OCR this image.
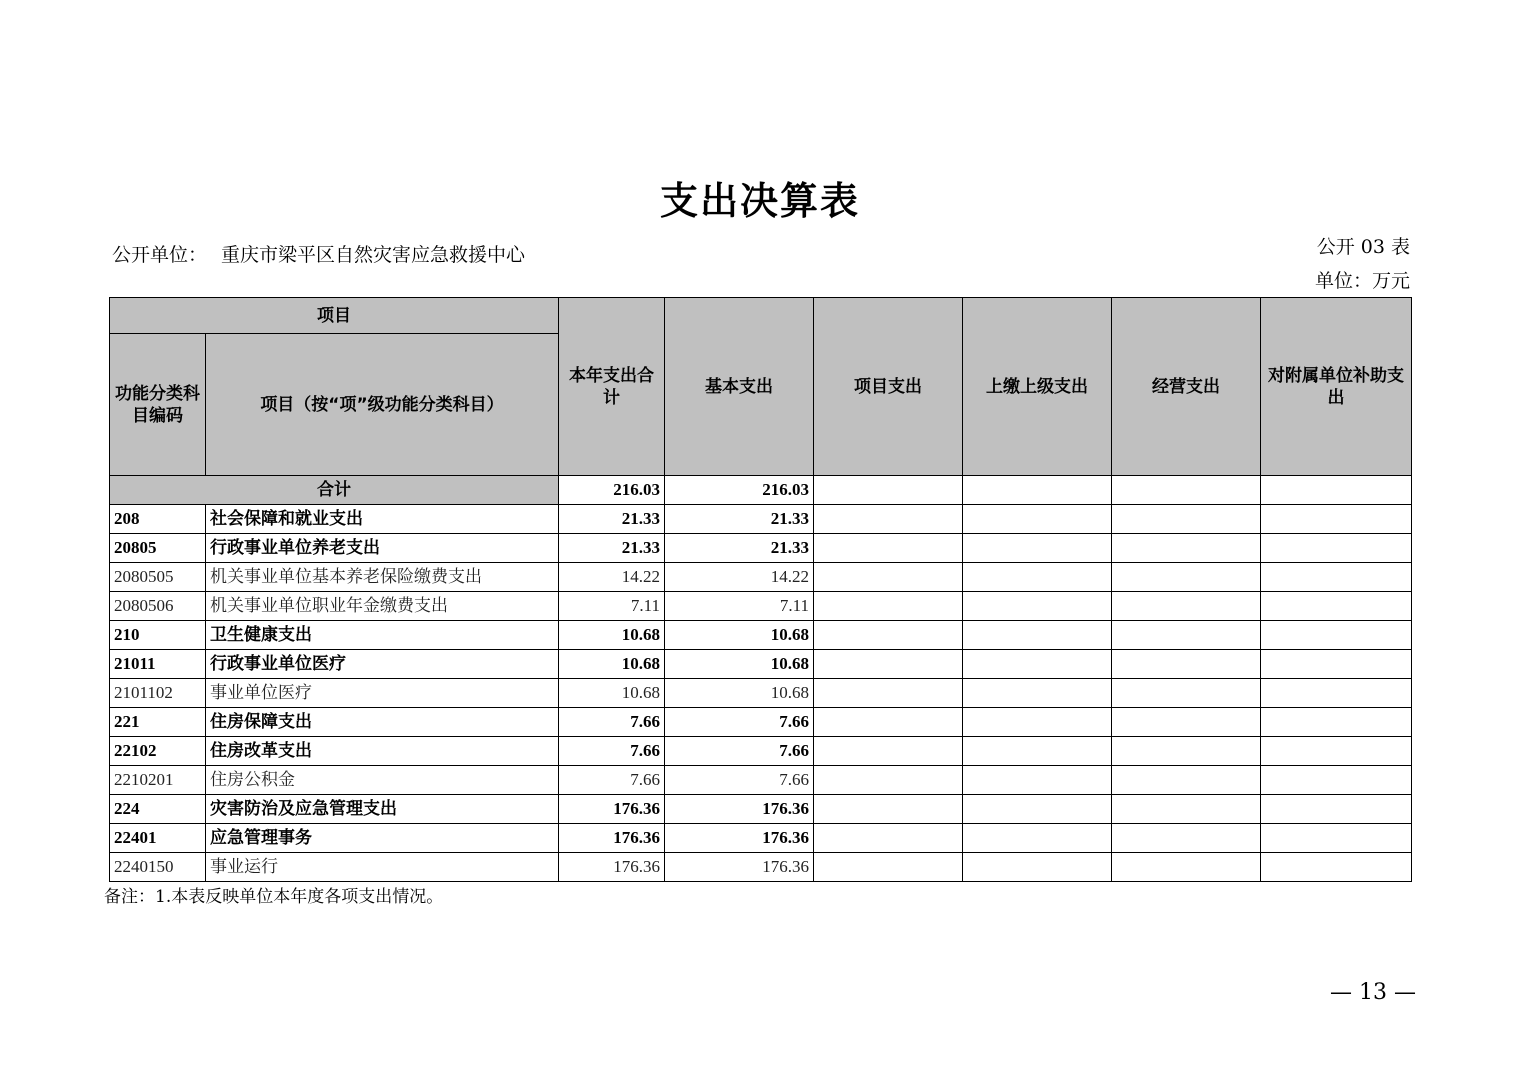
支出决算表
公开单位： 重庆市梁平区自然灾害应急救援中心	公开 03 表
单位：万元
项目		本年支出合计	基本支出	项目支出	上缴上级支出	经营支出	对附属单位补助支出
功能分类科目编码	项目（按“项”级功能分类科目）						
合计		216.03	216.03				
208	社会保障和就业支出	21.33	21.33				
20805	行政事业单位养老支出	21.33	21.33				
2080505	机关事业单位基本养老保险缴费支出	14.22	14.22				
2080506	机关事业单位职业年金缴费支出	7.11	7.11				
210	卫生健康支出	10.68	10.68				
21011	行政事业单位医疗	10.68	10.68				
2101102	事业单位医疗	10.68	10.68				
221	住房保障支出	7.66	7.66				
22102	住房改革支出	7.66	7.66				
2210201	住房公积金	7.66	7.66				
224	灾害防治及应急管理支出	176.36	176.36				
22401	应急管理事务	176.36	176.36				
2240150	事业运行	176.36	176.36				
备注：1.本表反映单位本年度各项支出情况。
— 13 —
